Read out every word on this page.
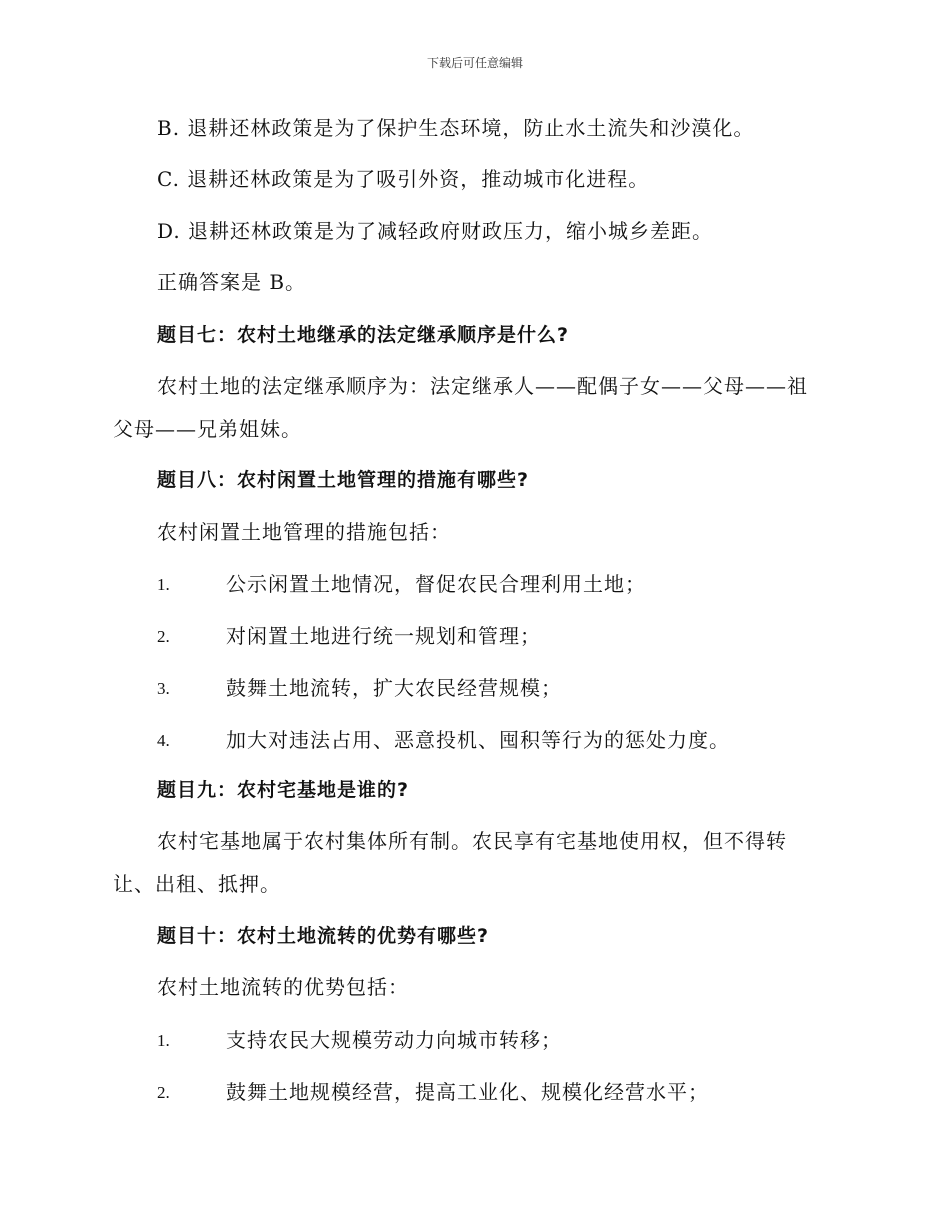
下载后可任意编辑
B. 退耕还林政策是为了保护生态环境，防止水土流失和沙漠化。
C. 退耕还林政策是为了吸引外资，推动城市化进程。
D. 退耕还林政策是为了减轻政府财政压力，缩小城乡差距。
正确答案是 B。
题目七：农村土地继承的法定继承顺序是什么?
农村土地的法定继承顺序为：法定继承人——配偶子女——父母——祖
父母——兄弟姐妹。
题目八：农村闲置土地管理的措施有哪些?
农村闲置土地管理的措施包括：
1.	公示闲置土地情况，督促农民合理利用土地；
2.	对闲置土地进行统一规划和管理；
3.	鼓舞土地流转，扩大农民经营规模；
4.	加大对违法占用、恶意投机、囤积等行为的惩处力度。
题目九：农村宅基地是谁的?
农村宅基地属于农村集体所有制。农民享有宅基地使用权，但不得转
让、出租、抵押。
题目十：农村土地流转的优势有哪些?
农村土地流转的优势包括：
1.	支持农民大规模劳动力向城市转移；
2.	鼓舞土地规模经营，提高工业化、规模化经营水平；
